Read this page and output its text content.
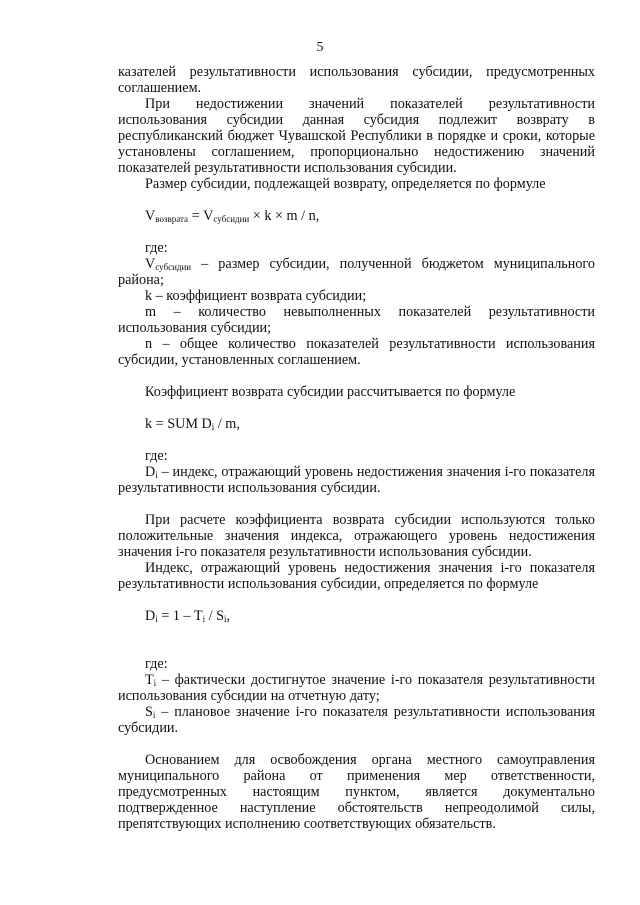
5

казателей результативности использования субсидии, предусмотренных соглашением.

При недостижении значений показателей результативности использования субсидии данная субсидия подлежит возврату в республиканский бюджет Чувашской Республики в порядке и сроки, которые установлены соглашением, пропорционально недостижению значений показателей результативности использования субсидии.

Размер субсидии, подлежащей возврату, определяется по формуле

$V_{возврата} = V_{субсидии} \times k \times m / n$,

где:

$V_{субсидии}$ – размер субсидии, полученной бюджетом муниципального района;

k – коэффициент возврата субсидии;

m – количество невыполненных показателей результативности использования субсидии;

n – общее количество показателей результативности использования субсидии, установленных соглашением.

Коэффициент возврата субсидии рассчитывается по формуле

k = SUM $D_i$ / m,

где:

$D_i$ – индекс, отражающий уровень недостижения значения i-го показателя результативности использования субсидии.

При расчете коэффициента возврата субсидии используются только положительные значения индекса, отражающего уровень недостижения значения i-го показателя результативности использования субсидии.

Индекс, отражающий уровень недостижения значения i-го показателя результативности использования субсидии, определяется по формуле

$D_i = 1 - T_i / S_i$,

где:

$T_i$ – фактически достигнутое значение i-го показателя результативности использования субсидии на отчетную дату;

$S_i$ – плановое значение i-го показателя результативности использования субсидии.

Основанием для освобождения органа местного самоуправления муниципального района от применения мер ответственности, предусмотренных настоящим пунктом, является документально подтвержденное наступление обстоятельств непреодолимой силы, препятствующих исполнению соответствующих обязательств.
